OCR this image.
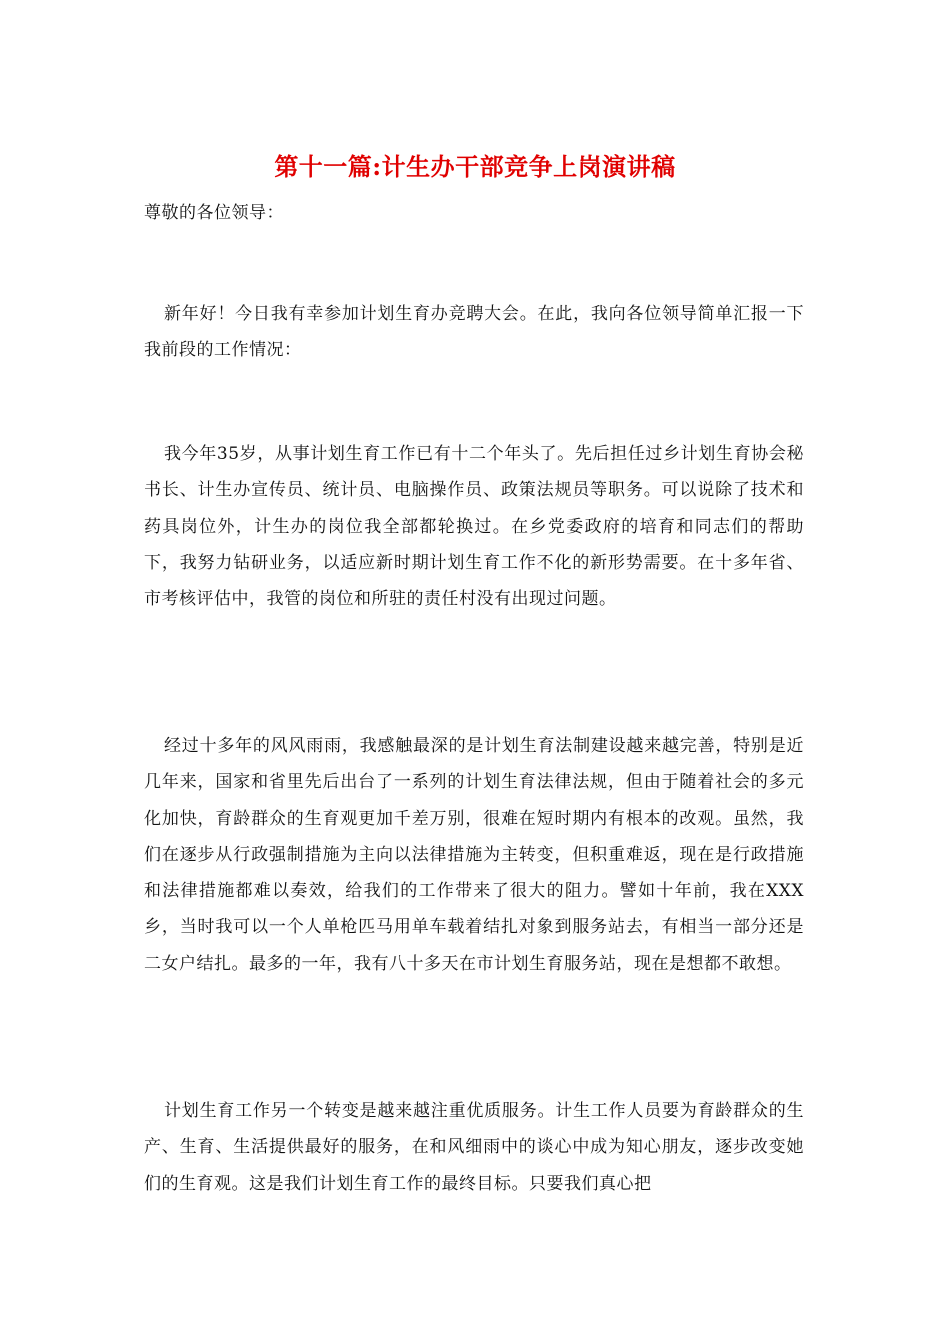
第十一篇:计生办干部竞争上岗演讲稿
尊敬的各位领导：

新年好！今日我有幸参加计划生育办竞聘大会。在此，我向各位领导简单汇报一下我前段的工作情况：

我今年35岁，从事计划生育工作已有十二个年头了。先后担任过乡计划生育协会秘书长、计生办宣传员、统计员、电脑操作员、政策法规员等职务。可以说除了技术和药具岗位外，计生办的岗位我全部都轮换过。在乡党委政府的培育和同志们的帮助下，我努力钻研业务，以适应新时期计划生育工作不化的新形势需要。在十多年省、市考核评估中，我管的岗位和所驻的责任村没有出现过问题。

经过十多年的风风雨雨，我感触最深的是计划生育法制建设越来越完善，特别是近几年来，国家和省里先后出台了一系列的计划生育法律法规，但由于随着社会的多元化加快，育龄群众的生育观更加千差万别，很难在短时期内有根本的改观。虽然，我们在逐步从行政强制措施为主向以法律措施为主转变，但积重难返，现在是行政措施和法律措施都难以奏效，给我们的工作带来了很大的阻力。譬如十年前，我在XXX乡，当时我可以一个人单枪匹马用单车载着结扎对象到服务站去，有相当一部分还是二女户结扎。最多的一年，我有八十多天在市计划生育服务站，现在是想都不敢想。

计划生育工作另一个转变是越来越注重优质服务。计生工作人员要为育龄群众的生产、生育、生活提供最好的服务，在和风细雨中的谈心中成为知心朋友，逐步改变她们的生育观。这是我们计划生育工作的最终目标。只要我们真心把
